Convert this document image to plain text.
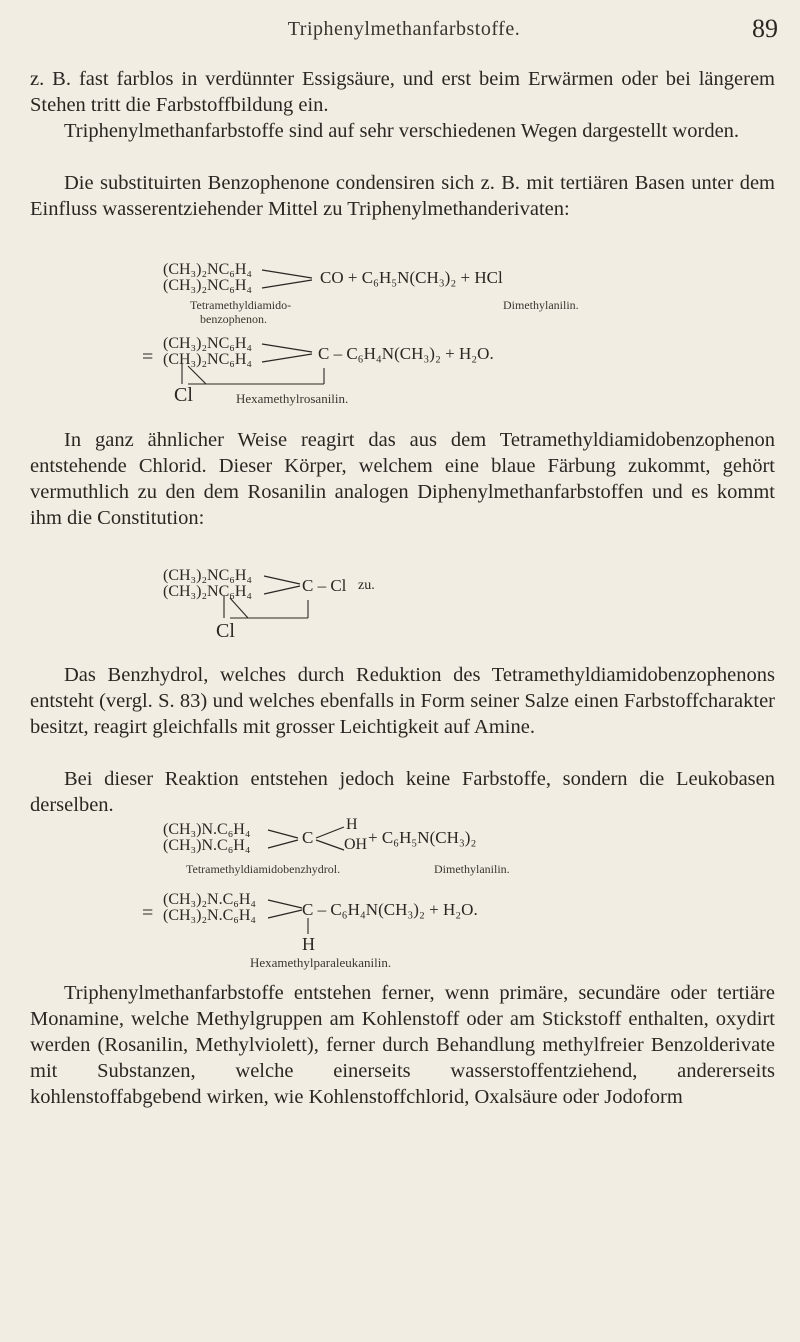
Triphenylmethanfarbstoffe.	89
z. B. fast farblos in verdünnter Essigsäure, und erst beim Erwärmen oder bei längerem Stehen tritt die Farbstoffbildung ein.
Triphenylmethanfarbstoffe sind auf sehr verschiedenen Wegen dargestellt worden.
Die substituirten Benzophenone condensiren sich z. B. mit tertiären Basen unter dem Einfluss wasserentziehender Mittel zu Triphenylmethanderivaten:
(CH₃)₂NC₆H₄
(CH₃)₂NC₆H₄	CO + C₆H₅N(CH₃)₂ + HCl
Tetramethyldiamido-
benzophenon.
Dimethylanilin.
=
(CH₃)₂NC₆H₄
(CH₃)₂NC₆H₄	C – C₆H₄N(CH₃)₂ + H₂O.
Cl	Hexamethylrosanilin.
In ganz ähnlicher Weise reagirt das aus dem Tetramethyldiamidobenzophenon entstehende Chlorid. Dieser Körper, welchem eine blaue Färbung zukommt, gehört vermuthlich zu den dem Rosanilin analogen Diphenylmethanfarbstoffen und es kommt ihm die Constitution:
(CH₃)₂NC₆H₄
(CH₃)₂NC₆H₄	C – Cl zu.
Cl
Das Benzhydrol, welches durch Reduktion des Tetramethyldiamidobenzophenons entsteht (vergl. S. 83) und welches ebenfalls in Form seiner Salze einen Farbstoffcharakter besitzt, reagirt gleichfalls mit grosser Leichtigkeit auf Amine.
Bei dieser Reaktion entstehen jedoch keine Farbstoffe, sondern die Leukobasen derselben.
(CH₃)N.C₆H₄
(CH₃)N.C₆H₄	C
H
OH + C₆H₅N(CH₃)₂
Tetramethyldiamidobenzhydrol.	Dimethylanilin.
=
(CH₃)₂N.C₆H₄
(CH₃)₂N.C₆H₄	C – C₆H₄N(CH₃)₂ + H₂O.
H
Hexamethylparaleukanilin.
Triphenylmethanfarbstoffe entstehen ferner, wenn primäre, secundäre oder tertiäre Monamine, welche Methylgruppen am Kohlenstoff oder am Stickstoff enthalten, oxydirt werden (Rosanilin, Methylviolett), ferner durch Behandlung methylfreier Benzolderivate mit Substanzen, welche einerseits wasserstoffentziehend, andererseits kohlenstoffabgebend wirken, wie Kohlenstoffchlorid, Oxalsäure oder Jodoform
